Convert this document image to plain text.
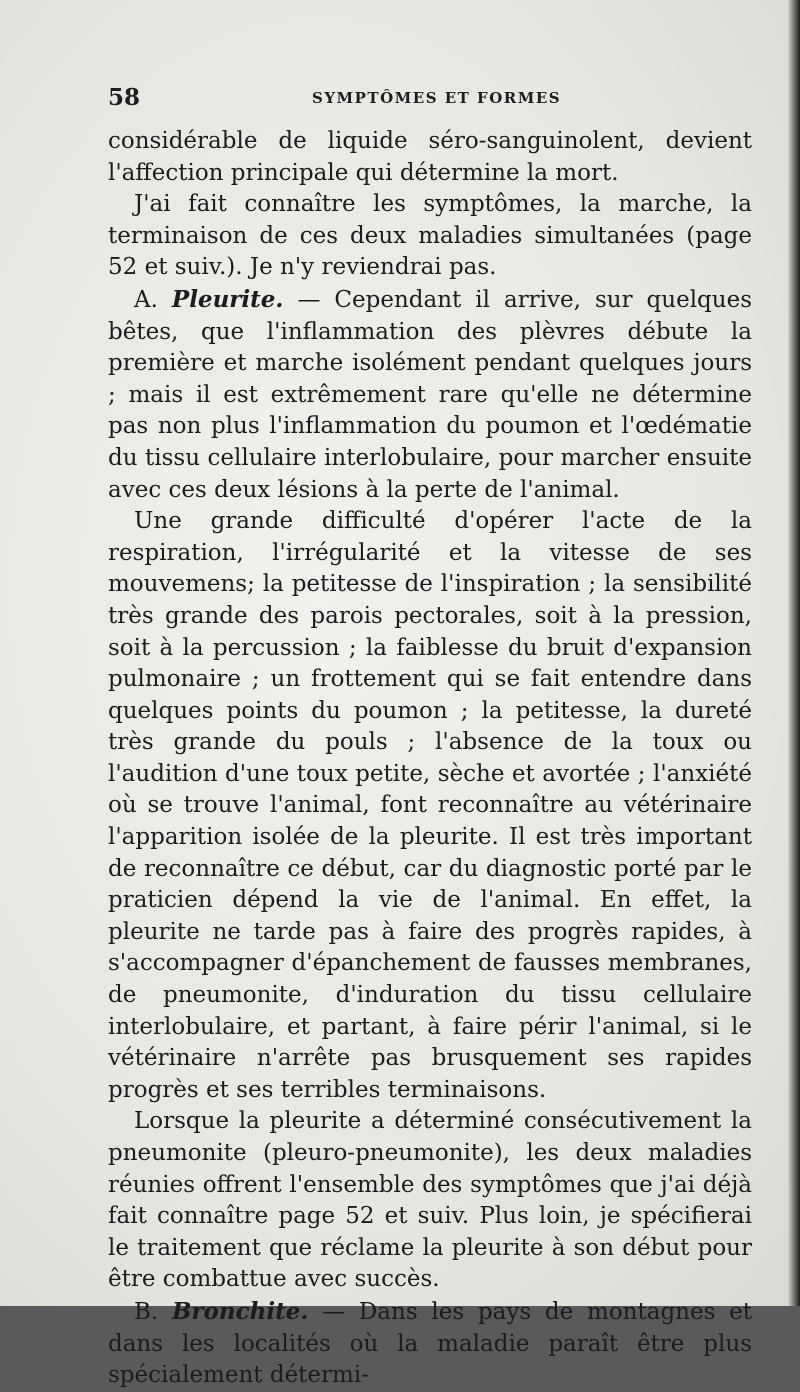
58	SYMPTÔMES ET FORMES

considérable de liquide séro-sanguinolent, devient l'affection principale qui détermine la mort.

J'ai fait connaître les symptômes, la marche, la terminaison de ces deux maladies simultanées (page 52 et suiv.). Je n'y reviendrai pas.

A. Pleurite. — Cependant il arrive, sur quelques bêtes, que l'inflammation des plèvres débute la première et marche isolément pendant quelques jours ; mais il est extrêmement rare qu'elle ne détermine pas non plus l'inflammation du poumon et l'œdématie du tissu cellulaire interlobulaire, pour marcher ensuite avec ces deux lésions à la perte de l'animal.

Une grande difficulté d'opérer l'acte de la respiration, l'irrégularité et la vitesse de ses mouvemens; la petitesse de l'inspiration ; la sensibilité très grande des parois pectorales, soit à la pression, soit à la percussion ; la faiblesse du bruit d'expansion pulmonaire ; un frottement qui se fait entendre dans quelques points du poumon ; la petitesse, la dureté très grande du pouls ; l'absence de la toux ou l'audition d'une toux petite, sèche et avortée ; l'anxiété où se trouve l'animal, font reconnaître au vétérinaire l'apparition isolée de la pleurite. Il est très important de reconnaître ce début, car du diagnostic porté par le praticien dépend la vie de l'animal. En effet, la pleurite ne tarde pas à faire des progrès rapides, à s'accompagner d'épanchement de fausses membranes, de pneumonite, d'induration du tissu cellulaire interlobulaire, et partant, à faire périr l'animal, si le vétérinaire n'arrête pas brusquement ses rapides progrès et ses terribles terminaisons.

Lorsque la pleurite a déterminé consécutivement la pneumonite (pleuro-pneumonite), les deux maladies réunies offrent l'ensemble des symptômes que j'ai déjà fait connaître page 52 et suiv. Plus loin, je spécifierai le traitement que réclame la pleurite à son début pour être combattue avec succès.

B. Bronchite. — Dans les pays de montagnes et dans les localités où la maladie paraît être plus spécialement détermi-
